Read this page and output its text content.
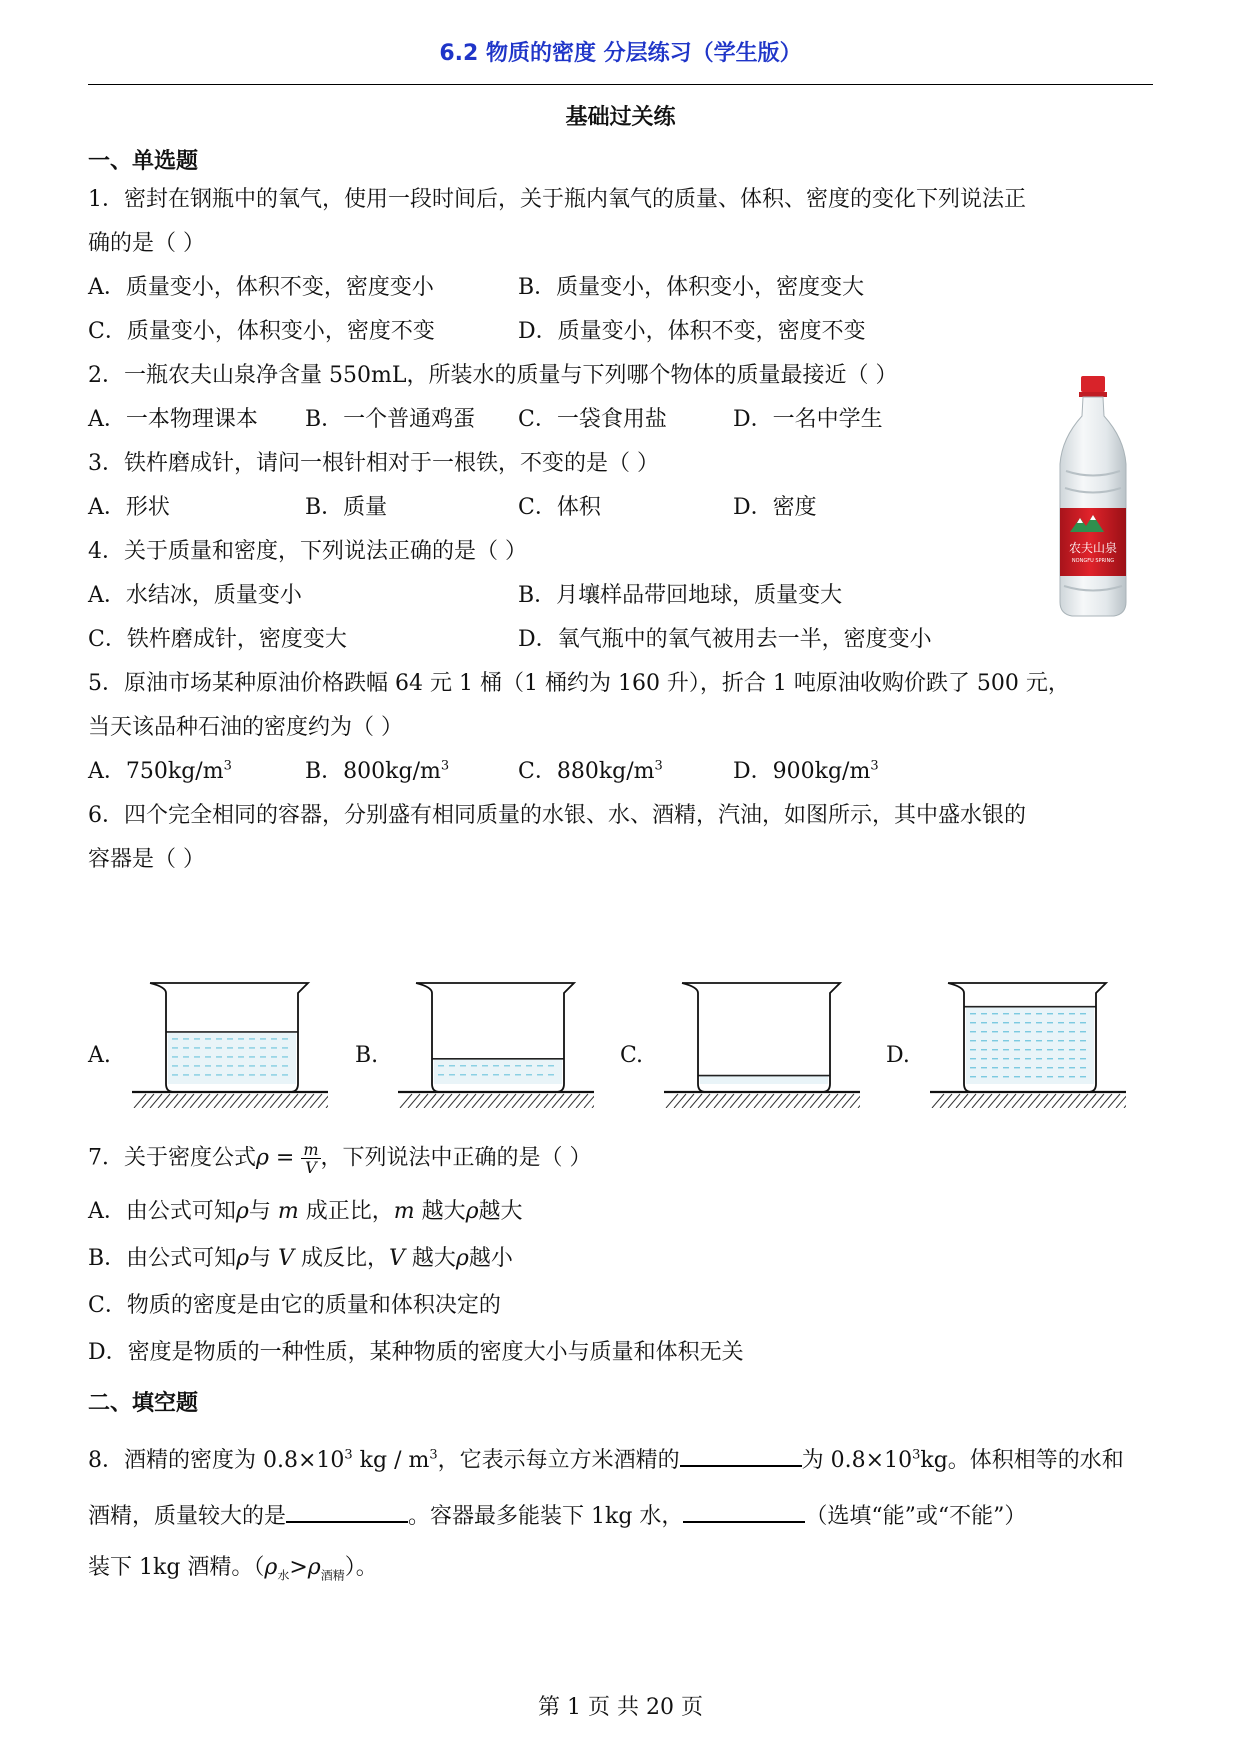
6.2 物质的密度 分层练习（学生版）
基础过关练
一、单选题
1．密封在钢瓶中的氧气，使用一段时间后，关于瓶内氧气的质量、体积、密度的变化下列说法正
确的是（ ）
A．质量变小，体积不变，密度变小	B．质量变小，体积变小，密度变大
C．质量变小，体积变小，密度不变	D．质量变小，体积不变，密度不变
2．一瓶农夫山泉净含量 550mL，所装水的质量与下列哪个物体的质量最接近（ ）
A．一本物理课本 B．一个普通鸡蛋 C．一袋食用盐	D．一名中学生
农夫山泉
NONGFU SPRING
3．铁杵磨成针，请问一根针相对于一根铁，不变的是（ ）
A．形状	B．质量	C．体积	D．密度
4．关于质量和密度，下列说法正确的是（ ）
A．水结冰，质量变小	B．月壤样品带回地球，质量变大
C．铁杵磨成针，密度变大	D．氧气瓶中的氧气被用去一半，密度变小
5．原油市场某种原油价格跌幅 64 元 1 桶（1 桶约为 160 升），折合 1 吨原油收购价跌了 500 元，
当天该品种石油的密度约为（ ）
A．$750kg/m^3$	B．$800kg/m^3$	C．$880kg/m^3$	D．$900kg/m^3$
6．四个完全相同的容器，分别盛有相同质量的水银、水、酒精，汽油，如图所示，其中盛水银的
容器是（ ）
A.	B.	C.	D.
7．关于密度公式$\rho = \frac{m}{V}$ ，下列说法中正确的是（ ）
A．由公式可知ρ与 m 成正比，m 越大ρ越大
B．由公式可知ρ与 V 成反比，V 越大ρ越小
C．物质的密度是由它的质量和体积决定的
D．密度是物质的一种性质，某种物质的密度大小与质量和体积无关
二、填空题
8．酒精的密度为 $0.8\times 10^3$ kg / $m^3$，它表示每立方米酒精的	为 $0.8\times 10^3kg$。体积相等的水和
酒精，质量较大的是	。容器最多能装下 1kg 水，	（选填“能”或“不能”）
装下 1kg 酒精。$(\rho_水>\rho_{酒精})$。
第 1 页 共 20 页
